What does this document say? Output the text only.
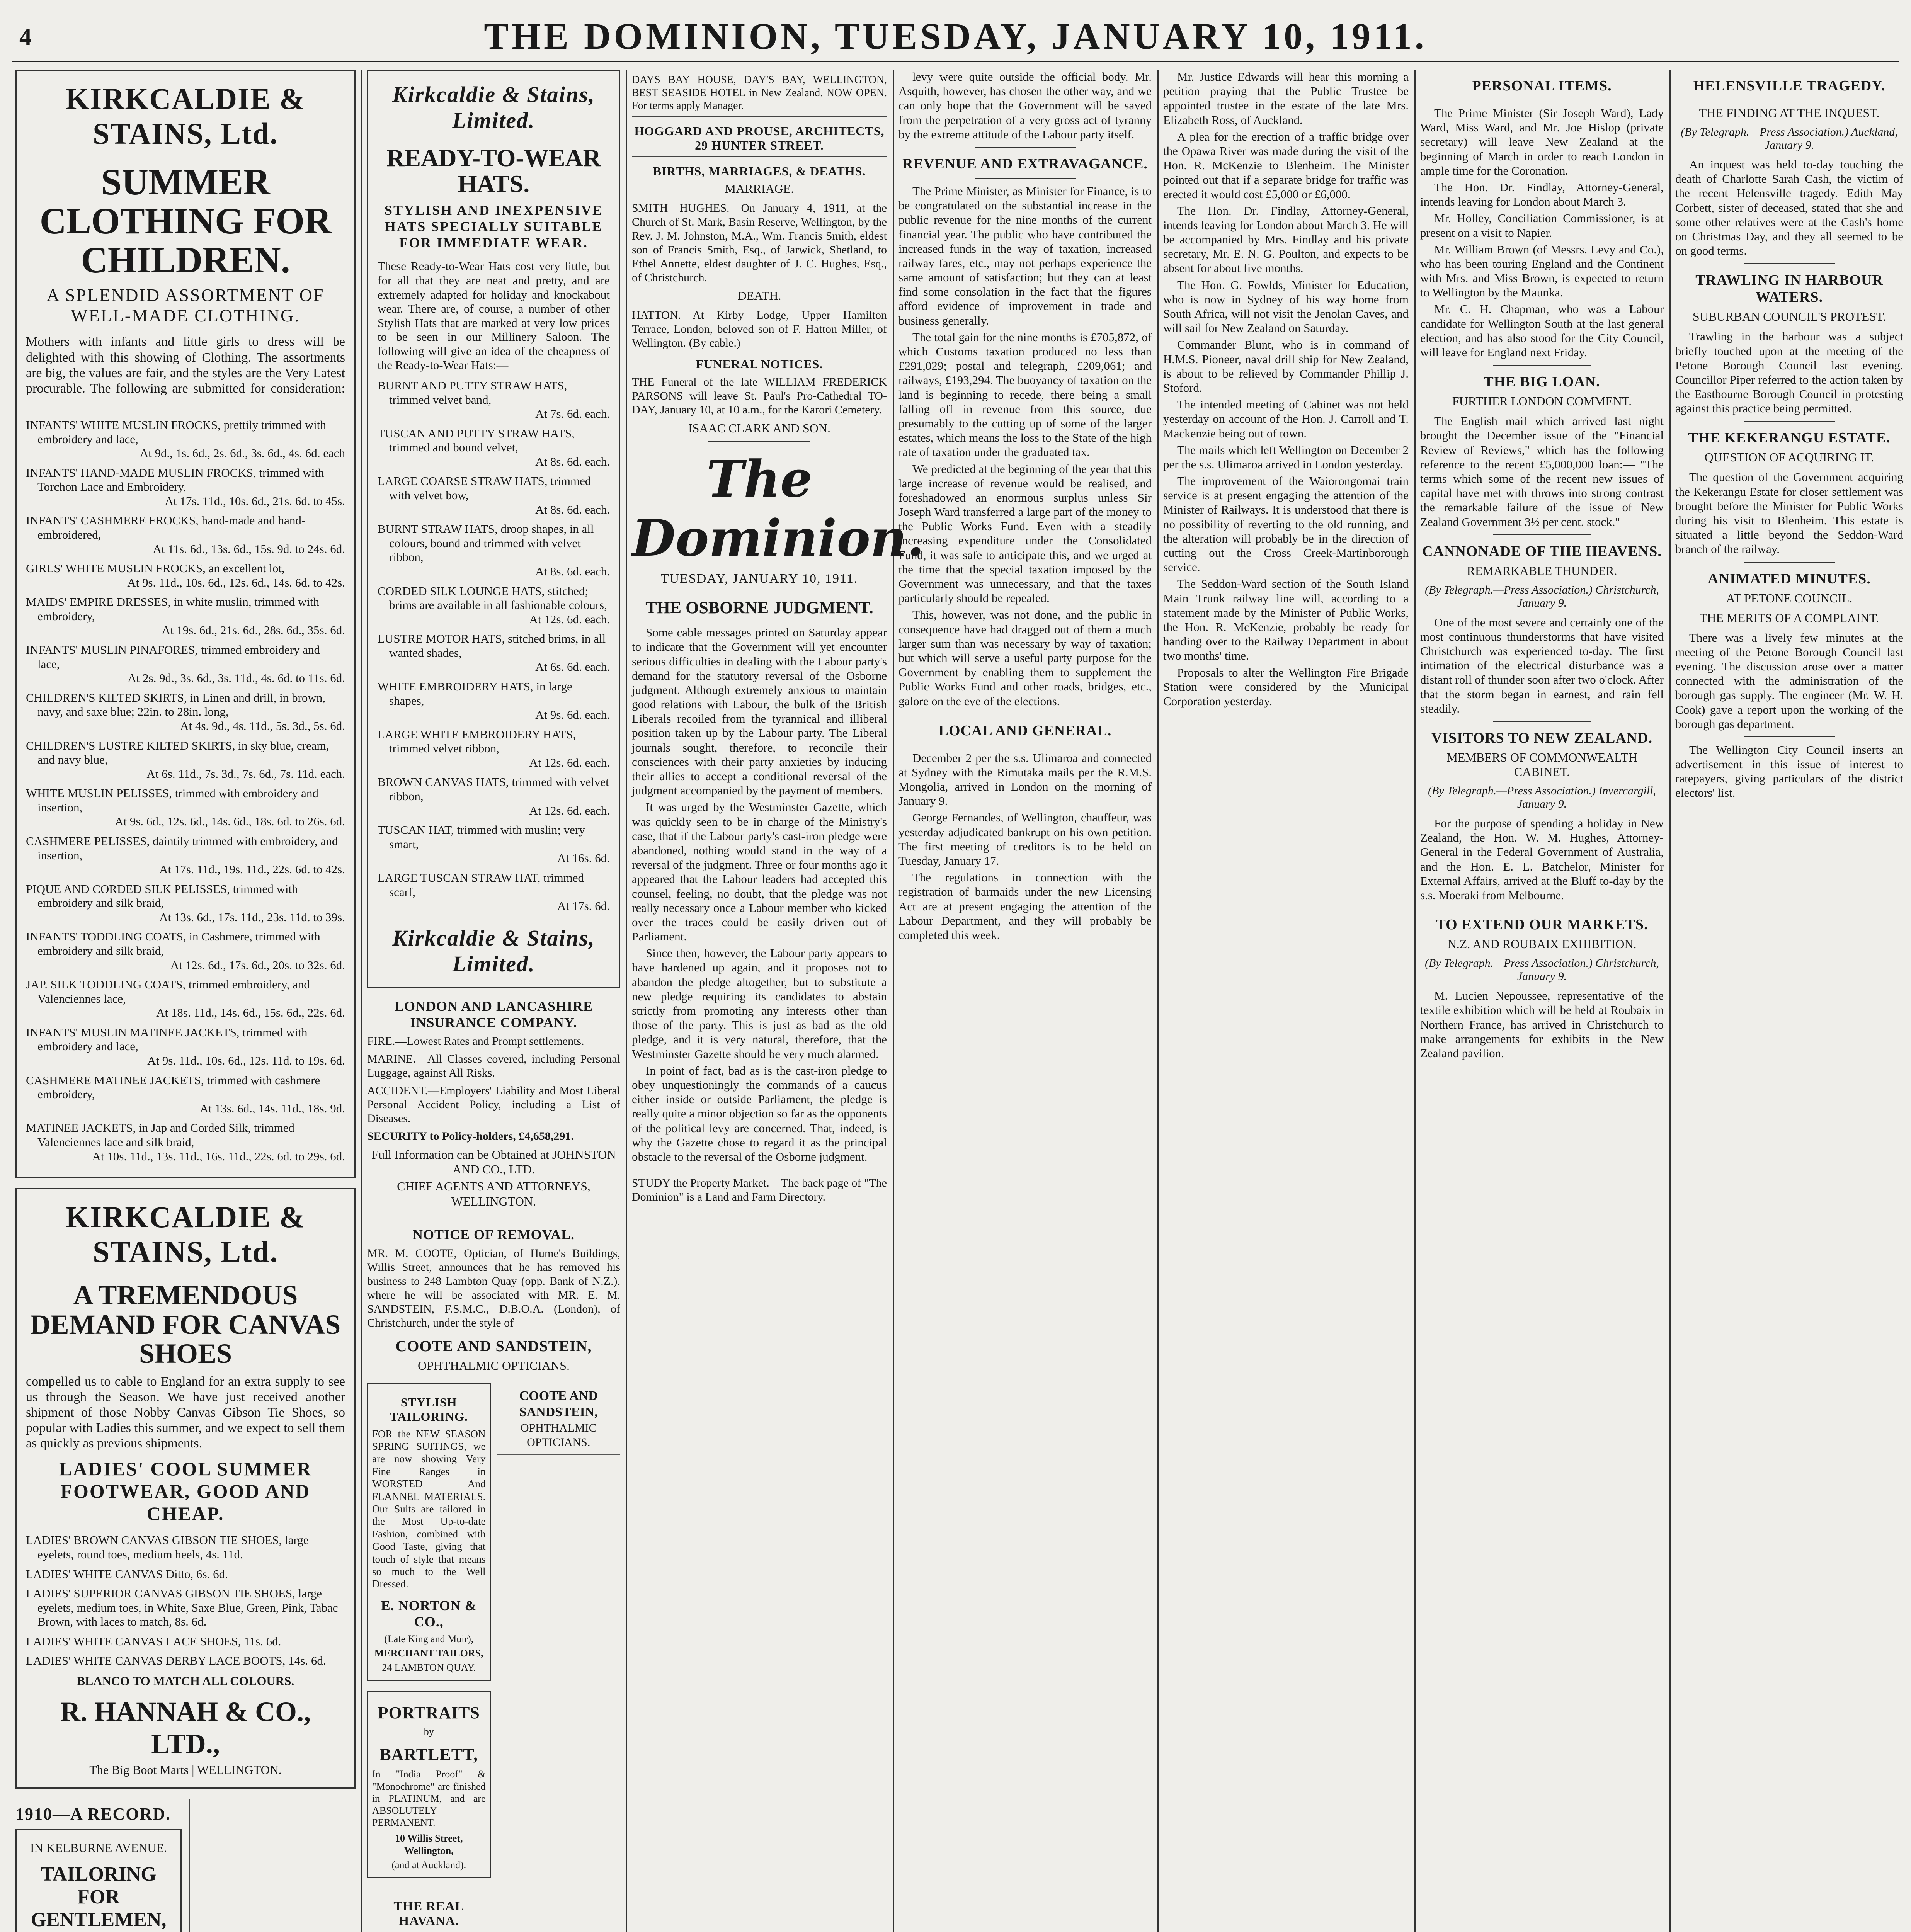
4	THE DOMINION, TUESDAY, JANUARY 10, 1911.
KIRKCALDIE & STAINS, Ltd.
SUMMER CLOTHING FOR CHILDREN.
A SPLENDID ASSORTMENT OF WELL-MADE CLOTHING.
Mothers with infants and little girls to dress will be delighted with this showing of Clothing. The assortments are big, the values are fair, and the styles are the Very Latest procurable. The following are submitted for consideration:—
INFANTS' WHITE MUSLIN FROCKS, prettily trimmed with embroidery and lace,
At 9d., 1s. 6d., 2s. 6d., 3s. 6d., 4s. 6d. each
INFANTS' HAND-MADE MUSLIN FROCKS, trimmed with Torchon Lace and Embroidery,
At 17s. 11d., 10s. 6d., 21s. 6d. to 45s.
INFANTS' CASHMERE FROCKS, hand-made and hand-embroidered,
At 11s. 6d., 13s. 6d., 15s. 9d. to 24s. 6d.
GIRLS' WHITE MUSLIN FROCKS, an excellent lot,
At 9s. 11d., 10s. 6d., 12s. 6d., 14s. 6d. to 42s.
MAIDS' EMPIRE DRESSES, in white muslin, trimmed with embroidery,
At 19s. 6d., 21s. 6d., 28s. 6d., 35s. 6d.
INFANTS' MUSLIN PINAFORES, trimmed embroidery and lace,
At 2s. 9d., 3s. 6d., 3s. 11d., 4s. 6d. to 11s. 6d.
CHILDREN'S KILTED SKIRTS, in Linen and drill, in brown, navy, and saxe blue; 22in. to 28in. long,
At 4s. 9d., 4s. 11d., 5s. 3d., 5s. 6d.
CHILDREN'S LUSTRE KILTED SKIRTS, in sky blue, cream, and navy blue,
At 6s. 11d., 7s. 3d., 7s. 6d., 7s. 11d. each.
WHITE MUSLIN PELISSES, trimmed with embroidery and insertion,
At 9s. 6d., 12s. 6d., 14s. 6d., 18s. 6d. to 26s. 6d.
CASHMERE PELISSES, daintily trimmed with embroidery, and insertion,
At 17s. 11d., 19s. 11d., 22s. 6d. to 42s.
PIQUE AND CORDED SILK PELISSES, trimmed with embroidery and silk braid,
At 13s. 6d., 17s. 11d., 23s. 11d. to 39s.
INFANTS' TODDLING COATS, in Cashmere, trimmed with embroidery and silk braid,
At 12s. 6d., 17s. 6d., 20s. to 32s. 6d.
JAP. SILK TODDLING COATS, trimmed embroidery, and Valenciennes lace,
At 18s. 11d., 14s. 6d., 15s. 6d., 22s. 6d.
INFANTS' MUSLIN MATINEE JACKETS, trimmed with embroidery and lace,
At 9s. 11d., 10s. 6d., 12s. 11d. to 19s. 6d.
CASHMERE MATINEE JACKETS, trimmed with cashmere embroidery,
At 13s. 6d., 14s. 11d., 18s. 9d.
MATINEE JACKETS, in Jap and Corded Silk, trimmed Valenciennes lace and silk braid,
At 10s. 11d., 13s. 11d., 16s. 11d., 22s. 6d. to 29s. 6d.
KIRKCALDIE & STAINS, Ltd.
A TREMENDOUS DEMAND FOR CANVAS SHOES
compelled us to cable to England for an extra supply to see us through the Season. We have just received another shipment of those Nobby Canvas Gibson Tie Shoes, so popular with Ladies this summer, and we expect to sell them as quickly as previous shipments.
LADIES' COOL SUMMER FOOTWEAR, GOOD AND CHEAP.
LADIES' BROWN CANVAS GIBSON TIE SHOES, large eyelets, round toes, medium heels, 4s. 11d.
LADIES' WHITE CANVAS Ditto, 6s. 6d.
LADIES' SUPERIOR CANVAS GIBSON TIE SHOES, large eyelets, medium toes, in White, Saxe Blue, Green, Pink, Tabac Brown, with laces to match, 8s. 6d.
LADIES' WHITE CANVAS LACE SHOES, 11s. 6d.
LADIES' WHITE CANVAS DERBY LACE BOOTS, 14s. 6d.
BLANCO TO MATCH ALL COLOURS.
R. HANNAH & CO., LTD.,
The Big Boot Marts | WELLINGTON.
1910—A RECORD.
IN KELBURNE AVENUE.
TAILORING FOR GENTLEMEN,
Kirkcaldie & Stains, Limited.
READY-TO-WEAR HATS.
STYLISH AND INEXPENSIVE HATS SPECIALLY SUITABLE FOR IMMEDIATE WEAR.
These Ready-to-Wear Hats cost very little, but for all that they are neat and pretty, and are extremely adapted for holiday and knockabout wear. There are, of course, a number of other Stylish Hats that are marked at very low prices to be seen in our Millinery Saloon. The following will give an idea of the cheapness of the Ready-to-Wear Hats:—
BURNT AND PUTTY STRAW HATS, trimmed velvet band,
At 7s. 6d. each.
TUSCAN AND PUTTY STRAW HATS, trimmed and bound velvet,
At 8s. 6d. each.
LARGE COARSE STRAW HATS, trimmed with velvet bow,
At 8s. 6d. each.
BURNT STRAW HATS, droop shapes, in all colours, bound and trimmed with velvet ribbon,
At 8s. 6d. each.
CORDED SILK LOUNGE HATS, stitched; brims are available in all fashionable colours,
At 12s. 6d. each.
LUSTRE MOTOR HATS, stitched brims, in all wanted shades,
At 6s. 6d. each.
WHITE EMBROIDERY HATS, in large shapes,
At 9s. 6d. each.
LARGE WHITE EMBROIDERY HATS, trimmed velvet ribbon,
At 12s. 6d. each.
BROWN CANVAS HATS, trimmed with velvet ribbon,
At 12s. 6d. each.
TUSCAN HAT, trimmed with muslin; very smart,
At 16s. 6d.
LARGE TUSCAN STRAW HAT, trimmed scarf,
At 17s. 6d.
Kirkcaldie & Stains, Limited.
LONDON AND LANCASHIRE INSURANCE COMPANY.
FIRE.—Lowest Rates and Prompt settlements.
MARINE.—All Classes covered, including Personal Luggage, against All Risks.
ACCIDENT.—Employers' Liability and Most Liberal Personal Accident Policy, including a List of Diseases.
SECURITY to Policy-holders, £4,658,291.
Full Information can be Obtained at JOHNSTON AND CO., LTD.
CHIEF AGENTS AND ATTORNEYS, WELLINGTON.
NOTICE OF REMOVAL.
MR. M. COOTE, Optician, of Hume's Buildings, Willis Street, announces that he has removed his business to 248 Lambton Quay (opp. Bank of N.Z.), where he will be associated with MR. E. M. SANDSTEIN, F.S.M.C., D.B.O.A. (London), of Christchurch, under the style of
COOTE AND SANDSTEIN,
OPHTHALMIC OPTICIANS.
STYLISH TAILORING.
FOR the NEW SEASON SPRING SUITINGS, we are now showing Very Fine Ranges in WORSTED And FLANNEL MATERIALS. Our Suits are tailored in the Most Up-to-date Fashion, combined with Good Taste, giving that touch of style that means so much to the Well Dressed.
E. NORTON & CO.,
(Late King and Muir),
MERCHANT TAILORS,
24 LAMBTON QUAY.
PORTRAITS
by
BARTLETT,
In "India Proof" & "Monochrome" are finished in PLATINUM, and are ABSOLUTELY PERMANENT.
10 Willis Street, Wellington,
(and at Auckland).
THE REAL HAVANA.
COOTE AND SANDSTEIN,
OPHTHALMIC OPTICIANS.
DAYS BAY HOUSE, DAY'S BAY, WELLINGTON, BEST SEASIDE HOTEL in New Zealand. NOW OPEN. For terms apply Manager.
HOGGARD AND PROUSE, ARCHITECTS, 29 HUNTER STREET.
BIRTHS, MARRIAGES, & DEATHS.
MARRIAGE.
SMITH—HUGHES.—On January 4, 1911, at the Church of St. Mark, Basin Reserve, Wellington, by the Rev. J. M. Johnston, M.A., Wm. Francis Smith, eldest son of Francis Smith, Esq., of Jarwick, Shetland, to Ethel Annette, eldest daughter of J. C. Hughes, Esq., of Christchurch.
DEATH.
HATTON.—At Kirby Lodge, Upper Hamilton Terrace, London, beloved son of F. Hatton Miller, of Wellington. (By cable.)
FUNERAL NOTICES.
THE Funeral of the late WILLIAM FREDERICK PARSONS will leave St. Paul's Pro-Cathedral TO-DAY, January 10, at 10 a.m., for the Karori Cemetery.
ISAAC CLARK AND SON.
The Dominion.
TUESDAY, JANUARY 10, 1911.
THE OSBORNE JUDGMENT.

Some cable messages printed on Saturday appear to indicate that the Government will yet encounter serious difficulties in dealing with the Labour party's demand for the statutory reversal of the Osborne judgment. Although extremely anxious to maintain good relations with Labour, the bulk of the British Liberals recoiled from the tyrannical and illiberal position taken up by the Labour party. The Liberal journals sought, therefore, to reconcile their consciences with their party anxieties by inducing their allies to accept a conditional reversal of the judgment accompanied by the payment of members.

It was urged by the Westminster Gazette, which was quickly seen to be in charge of the Ministry's case, that if the Labour party's cast-iron pledge were abandoned, nothing would stand in the way of a reversal of the judgment. Three or four months ago it appeared that the Labour leaders had accepted this counsel, feeling, no doubt, that the pledge was not really necessary once a Labour member who kicked over the traces could be easily driven out of Parliament.

Since then, however, the Labour party appears to have hardened up again, and it proposes not to abandon the pledge altogether, but to substitute a new pledge requiring its candidates to abstain strictly from promoting any interests other than those of the party. This is just as bad as the old pledge, and it is very natural, therefore, that the Westminster Gazette should be very much alarmed.

In point of fact, bad as is the cast-iron pledge to obey unquestioningly the commands of a caucus either inside or outside Parliament, the pledge is really quite a minor objection so far as the opponents of the political levy are concerned. That, indeed, is why the Gazette chose to regard it as the principal obstacle to the reversal of the Osborne judgment.

STUDY the Property Market.—The back page of "The Dominion" is a Land and Farm Directory.

levy were quite outside the official body. Mr. Asquith, however, has chosen the other way, and we can only hope that the Government will be saved from the perpetration of a very gross act of tyranny by the extreme attitude of the Labour party itself.

REVENUE AND EXTRAVAGANCE.

The Prime Minister, as Minister for Finance, is to be congratulated on the substantial increase in the public revenue for the nine months of the current financial year. The public who have contributed the increased funds in the way of taxation, increased railway fares, etc., may not perhaps experience the same amount of satisfaction; but they can at least find some consolation in the fact that the figures afford evidence of improvement in trade and business generally.

The total gain for the nine months is £705,872, of which Customs taxation produced no less than £291,029; postal and telegraph, £209,061; and railways, £193,294. The buoyancy of taxation on the land is beginning to recede, there being a small falling off in revenue from this source, due presumably to the cutting up of some of the larger estates, which means the loss to the State of the high rate of taxation under the graduated tax.

We predicted at the beginning of the year that this large increase of revenue would be realised, and foreshadowed an enormous surplus unless Sir Joseph Ward transferred a large part of the money to the Public Works Fund. Even with a steadily increasing expenditure under the Consolidated Fund, it was safe to anticipate this, and we urged at the time that the special taxation imposed by the Government was unnecessary, and that the taxes particularly should be repealed.

This, however, was not done, and the public in consequence have had dragged out of them a much larger sum than was necessary by way of taxation; but which will serve a useful party purpose for the Government by enabling them to supplement the Public Works Fund and other roads, bridges, etc., galore on the eve of the elections.

LOCAL AND GENERAL.

December 2 per the s.s. Ulimaroa and connected at Sydney with the Rimutaka mails per the R.M.S. Mongolia, arrived in London on the morning of January 9.

George Fernandes, of Wellington, chauffeur, was yesterday adjudicated bankrupt on his own petition. The first meeting of creditors is to be held on Tuesday, January 17.

The regulations in connection with the registration of barmaids under the new Licensing Act are at present engaging the attention of the Labour Department, and they will probably be completed this week.

Mr. Justice Edwards will hear this morning a petition praying that the Public Trustee be appointed trustee in the estate of the late Mrs. Elizabeth Ross, of Auckland.

A plea for the erection of a traffic bridge over the Opawa River was made during the visit of the Hon. R. McKenzie to Blenheim. The Minister pointed out that if a separate bridge for traffic was erected it would cost £5,000 or £6,000.

The Hon. Dr. Findlay, Attorney-General, intends leaving for London about March 3. He will be accompanied by Mrs. Findlay and his private secretary, Mr. E. N. G. Poulton, and expects to be absent for about five months.

The Hon. G. Fowlds, Minister for Education, who is now in Sydney of his way home from South Africa, will not visit the Jenolan Caves, and will sail for New Zealand on Saturday.

Commander Blunt, who is in command of H.M.S. Pioneer, naval drill ship for New Zealand, is about to be relieved by Commander Phillip J. Stoford.

The intended meeting of Cabinet was not held yesterday on account of the Hon. J. Carroll and T. Mackenzie being out of town.

The mails which left Wellington on December 2 per the s.s. Ulimaroa arrived in London yesterday.

The improvement of the Waiorongomai train service is at present engaging the attention of the Minister of Railways. It is understood that there is no possibility of reverting to the old running, and the alteration will probably be in the direction of cutting out the Cross Creek-Martinborough service.

The Seddon-Ward section of the South Island Main Trunk railway line will, according to a statement made by the Minister of Public Works, the Hon. R. McKenzie, probably be ready for handing over to the Railway Department in about two months' time.

Proposals to alter the Wellington Fire Brigade Station were considered by the Municipal Corporation yesterday.

PERSONAL ITEMS.

The Prime Minister (Sir Joseph Ward), Lady Ward, Miss Ward, and Mr. Joe Hislop (private secretary) will leave New Zealand at the beginning of March in order to reach London in ample time for the Coronation.

The Hon. Dr. Findlay, Attorney-General, intends leaving for London about March 3.

Mr. Holley, Conciliation Commissioner, is at present on a visit to Napier.

Mr. William Brown (of Messrs. Levy and Co.), who has been touring England and the Continent with Mrs. and Miss Brown, is expected to return to Wellington by the Maunka.

Mr. C. H. Chapman, who was a Labour candidate for Wellington South at the last general election, and has also stood for the City Council, will leave for England next Friday.

THE BIG LOAN.
FURTHER LONDON COMMENT.

The English mail which arrived last night brought the December issue of the "Financial Review of Reviews," which has the following reference to the recent £5,000,000 loan:— "The terms which some of the recent new issues of capital have met with throws into strong contrast the remarkable failure of the issue of New Zealand Government 3½ per cent. stock."

CANNONADE OF THE HEAVENS.
REMARKABLE THUNDER.
(By Telegraph.—Press Association.) Christchurch, January 9.

One of the most severe and certainly one of the most continuous thunderstorms that have visited Christchurch was experienced to-day. The first intimation of the electrical disturbance was a distant roll of thunder soon after two o'clock. After that the storm began in earnest, and rain fell steadily.

VISITORS TO NEW ZEALAND.
MEMBERS OF COMMONWEALTH CABINET.
(By Telegraph.—Press Association.) Invercargill, January 9.

For the purpose of spending a holiday in New Zealand, the Hon. W. M. Hughes, Attorney-General in the Federal Government of Australia, and the Hon. E. L. Batchelor, Minister for External Affairs, arrived at the Bluff to-day by the s.s. Moeraki from Melbourne.

TO EXTEND OUR MARKETS.
N.Z. AND ROUBAIX EXHIBITION.
(By Telegraph.—Press Association.) Christchurch, January 9.

M. Lucien Nepoussee, representative of the textile exhibition which will be held at Roubaix in Northern France, has arrived in Christchurch to make arrangements for exhibits in the New Zealand pavilion.

HELENSVILLE TRAGEDY.
THE FINDING AT THE INQUEST.
(By Telegraph.—Press Association.) Auckland, January 9.

An inquest was held to-day touching the death of Charlotte Sarah Cash, the victim of the recent Helensville tragedy. Edith May Corbett, sister of deceased, stated that she and some other relatives were at the Cash's home on Christmas Day, and they all seemed to be on good terms.

TRAWLING IN HARBOUR WATERS.
SUBURBAN COUNCIL'S PROTEST.

Trawling in the harbour was a subject briefly touched upon at the meeting of the Petone Borough Council last evening. Councillor Piper referred to the action taken by the Eastbourne Borough Council in protesting against this practice being permitted.

THE KEKERANGU ESTATE.
QUESTION OF ACQUIRING IT.

The question of the Government acquiring the Kekerangu Estate for closer settlement was brought before the Minister for Public Works during his visit to Blenheim. This estate is situated a little beyond the Seddon-Ward branch of the railway.

ANIMATED MINUTES.
AT PETONE COUNCIL.
THE MERITS OF A COMPLAINT.

There was a lively few minutes at the meeting of the Petone Borough Council last evening. The discussion arose over a matter connected with the administration of the borough gas supply. The engineer (Mr. W. H. Cook) gave a report upon the working of the borough gas department.

The Wellington City Council inserts an advertisement in this issue of interest to ratepayers, giving particulars of the district electors' list.
